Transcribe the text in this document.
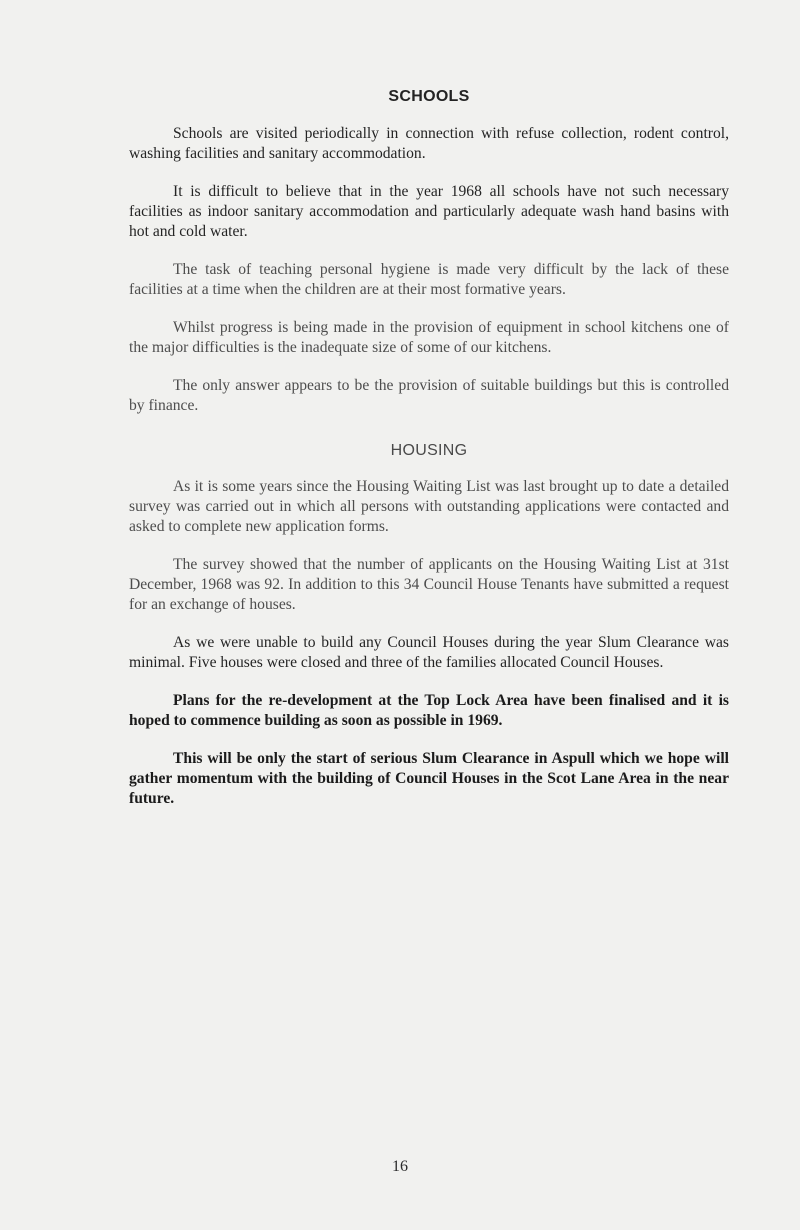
SCHOOLS

Schools are visited periodically in connection with refuse collection, rodent control, washing facilities and sanitary accommodation.

It is difficult to believe that in the year 1968 all schools have not such necessary facilities as indoor sanitary accommodation and particularly adequate wash hand basins with hot and cold water.

The task of teaching personal hygiene is made very difficult by the lack of these facilities at a time when the children are at their most formative years.

Whilst progress is being made in the provision of equipment in school kitchens one of the major difficulties is the inadequate size of some of our kitchens.

The only answer appears to be the provision of suitable buildings but this is controlled by finance.

HOUSING

As it is some years since the Housing Waiting List was last brought up to date a detailed survey was carried out in which all persons with outstanding applications were contacted and asked to complete new application forms.

The survey showed that the number of applicants on the Housing Waiting List at 31st December, 1968 was 92. In addition to this 34 Council House Tenants have submitted a request for an exchange of houses.

As we were unable to build any Council Houses during the year Slum Clearance was minimal. Five houses were closed and three of the families allocated Council Houses.

Plans for the re-development at the Top Lock Area have been finalised and it is hoped to commence building as soon as possible in 1969.

This will be only the start of serious Slum Clearance in Aspull which we hope will gather momentum with the building of Council Houses in the Scot Lane Area in the near future.

16
